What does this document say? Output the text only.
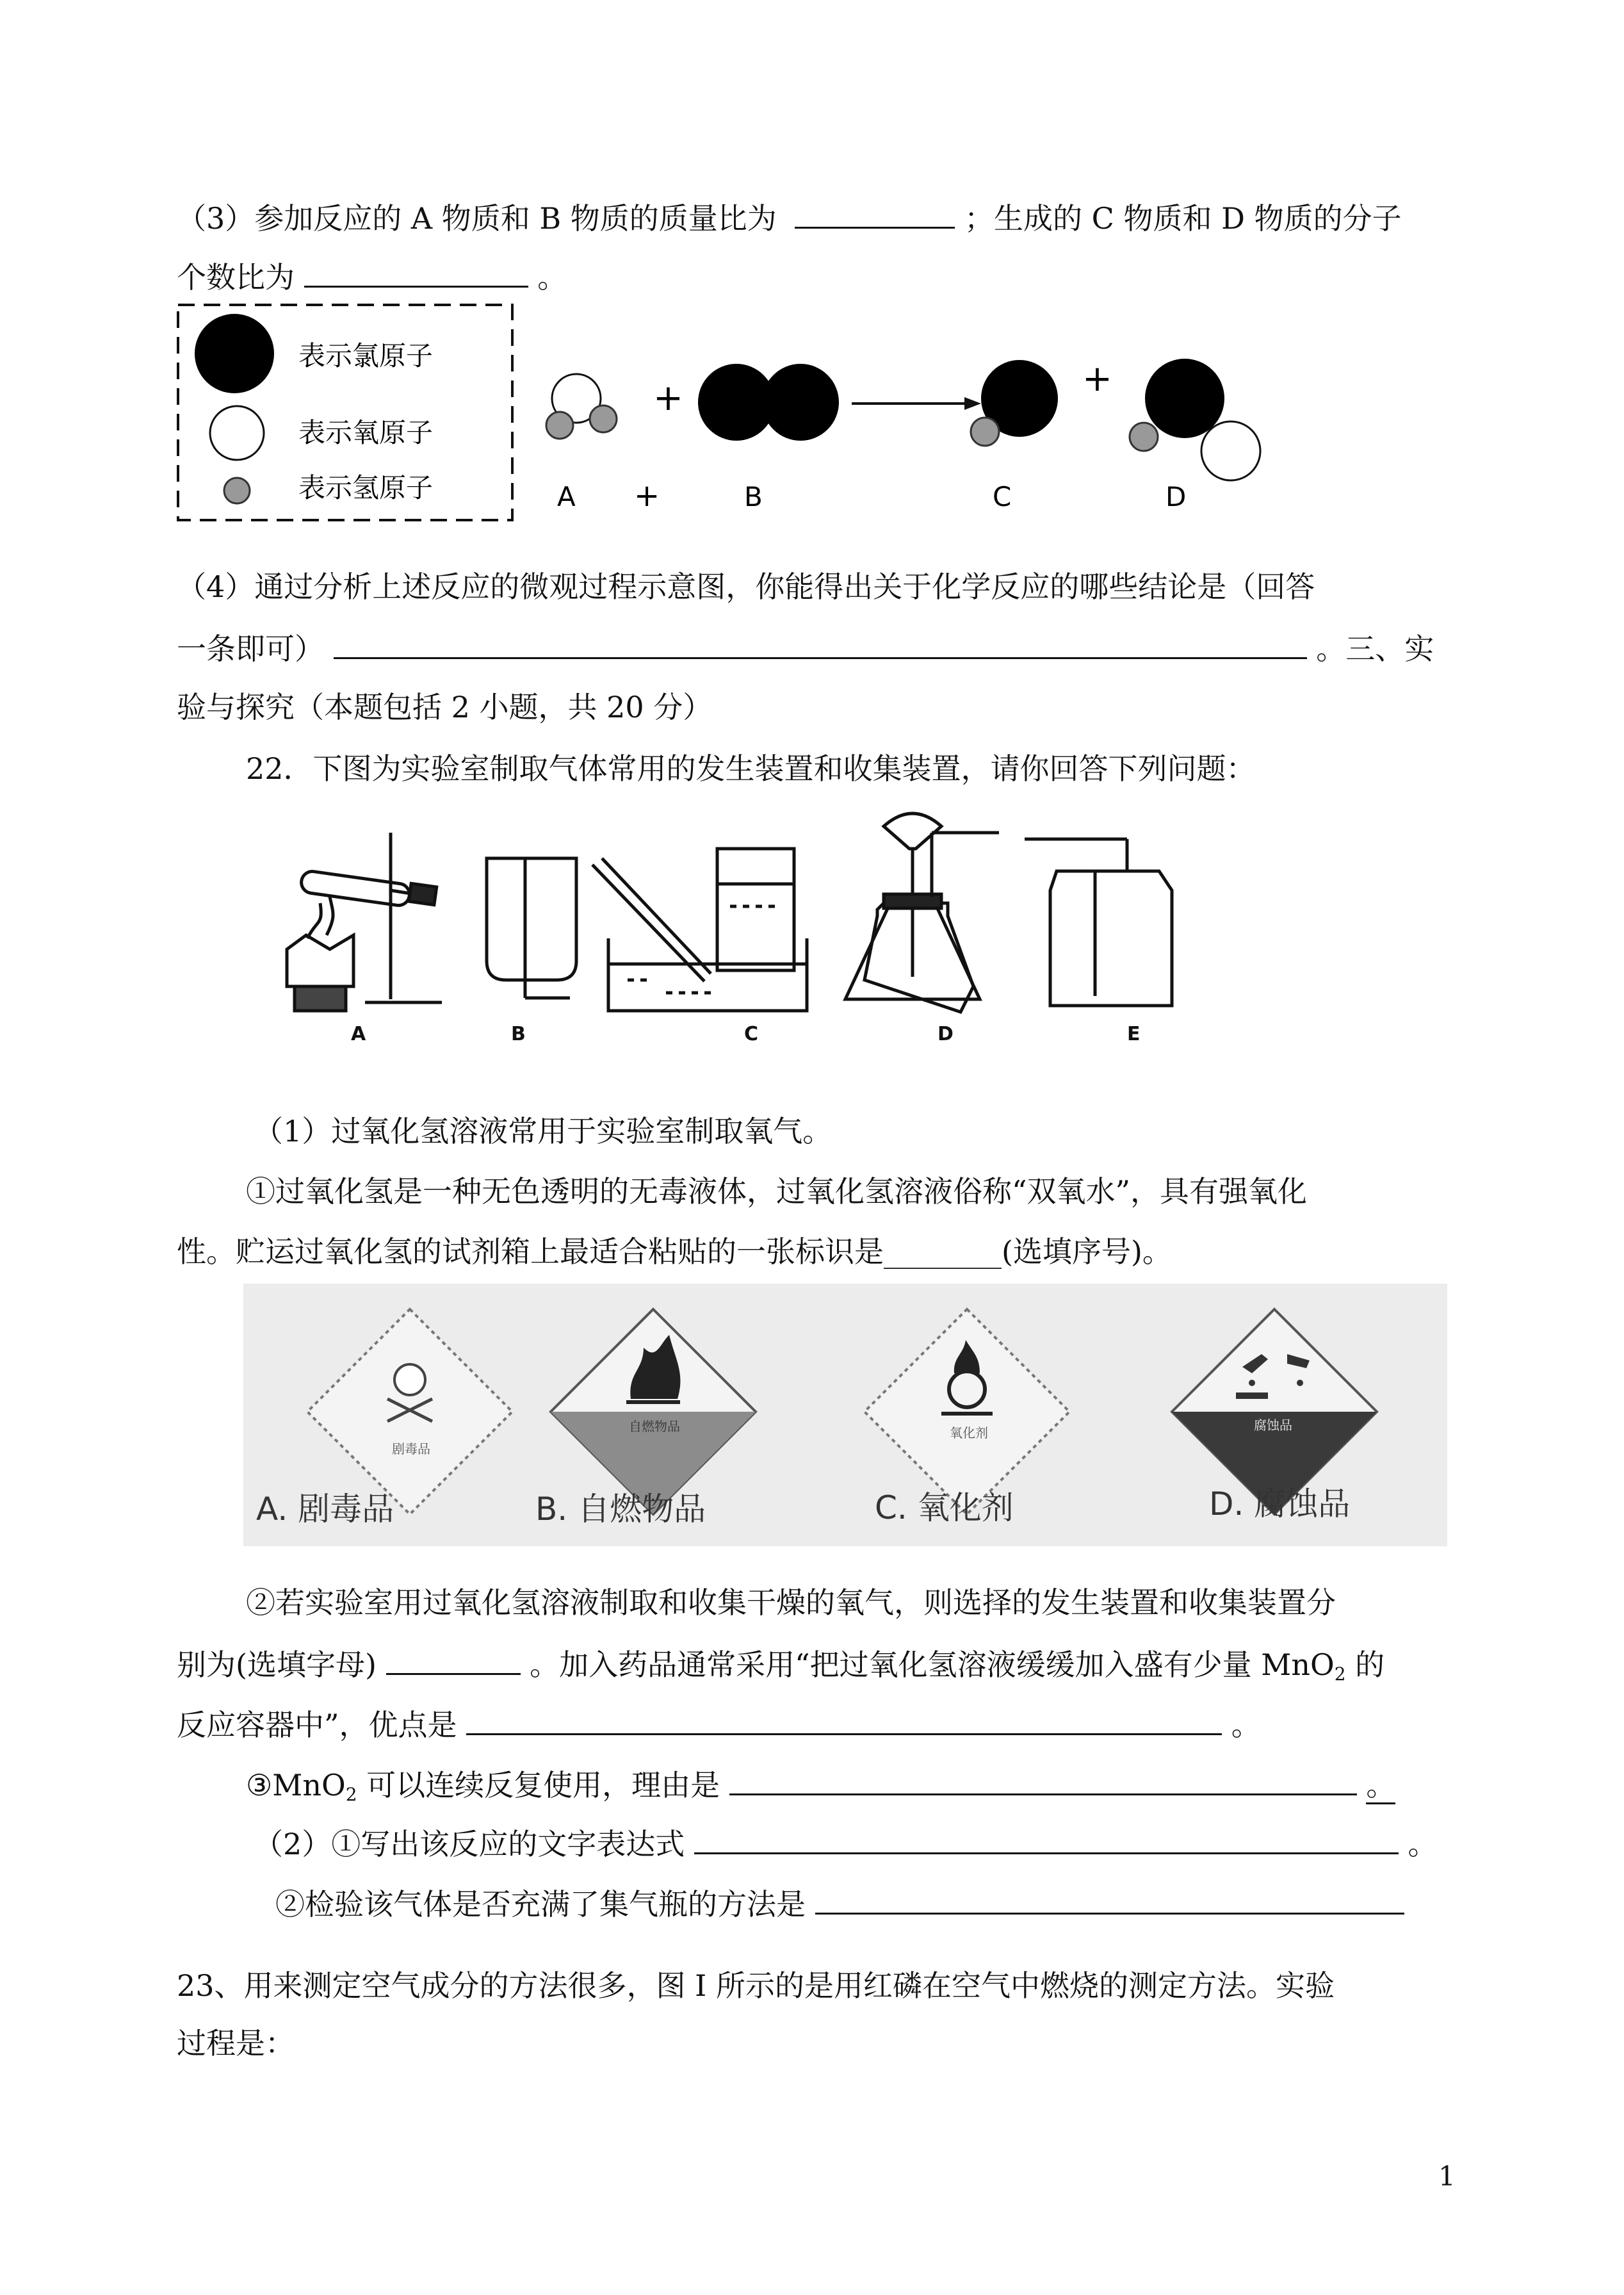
（3）参加反应的 A 物质和 B 物质的质量比为	；生成的 C 物质和 D 物质的分子
个数比为	。
表示氯原子
表示氧原子
表示氢原子
+	+
A +	B	C	D
（4）通过分析上述反应的微观过程示意图，你能得出关于化学反应的哪些结论是（回答
一条即可）	。三、实
验与探究（本题包括 2 小题，共 20 分）
22．下图为实验室制取气体常用的发生装置和收集装置，请你回答下列问题：
A	B	C	D	E
（1）过氧化氢溶液常用于实验室制取氧气。
①过氧化氢是一种无色透明的无毒液体，过氧化氢溶液俗称“双氧水”，具有强氧化
性。贮运过氧化氢的试剂箱上最适合粘贴的一张标识是________(选填序号)。
剧毒品
自燃物品	氧化剂	腐蚀品
A. 剧毒品	B. 自燃物品	C. 氧化剂	D. 腐蚀品
②若实验室用过氧化氢溶液制取和收集干燥的氧气，则选择的发生装置和收集装置分
别为(选填字母)	。加入药品通常采用“把过氧化氢溶液缓缓加入盛有少量 MnO$_2$ 的
反应容器中”，优点是	。
③MnO$_2$ 可以连续反复使用，理由是	。
（2）①写出该反应的文字表达式	。
②检验该气体是否充满了集气瓶的方法是
23、用来测定空气成分的方法很多，图 I 所示的是用红磷在空气中燃烧的测定方法。实验
过程是：
1
